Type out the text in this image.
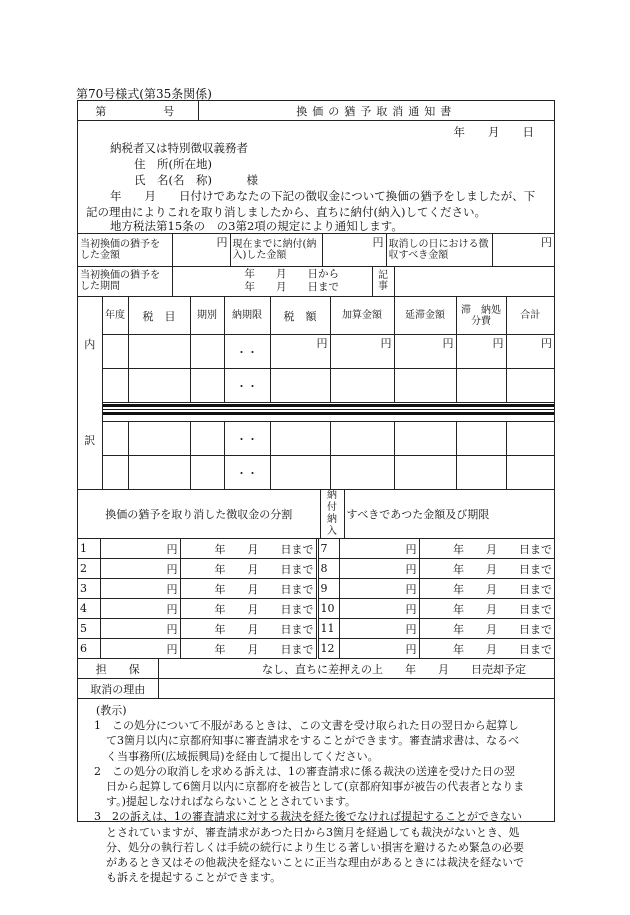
第70号様式(第35条関係)
第　　　号	換価の猶予取消通知書
年　　月　　日
納税者又は特別徴収義務者
住　所(所在地)
氏　名(名　称)　　　様
年　　月　　日付けであなたの下記の徴収金について換価の猶予をしましたが、下
記の理由によりこれを取り消しましたから、直ちに納付(納入)してください。
地方税法第15条の　の3第2項の規定により通知します。
当初換価の猶予をした金額	円	現在までに納付(納入)した金額	円	取消しの日における徴収すべき金額	円
当初換価の猶予をした期間	
年　　月　　日から
年　　月　　日まで
	記事	
内
訳	年度	税　目	期別	納期限	税　額	加算金額	延滞金額	滞　納処分費	合計
				・・	円	円	円	円	円
				・・					

				・・					
				・・					
換価の猶予を取り消した徴収金の分割	納付納入	すべきであつた金額及び期限
1	円	年　　月　　日まで	7	円	年　　月　　日まで
2	円	年　　月　　日まで	8	円	年　　月　　日まで
3	円	年　　月　　日まで	9	円	年　　月　　日まで
4	円	年　　月　　日まで	10	円	年　　月　　日まで
5	円	年　　月　　日まで	11	円	年　　月　　日まで
6	円	年　　月　　日まで	12	円	年　　月　　日まで
担　　保	なし、直ちに差押えの上　　年　　月　　日売却予定
取消の理由	
(教示)
1　この処分について不服があるときは、この文書を受け取られた日の翌日から起算し
て3箇月以内に京都府知事に審査請求をすることができます。審査請求書は、なるべ
く当事務所(広域振興局)を経由して提出してください。
2　この処分の取消しを求める訴えは、1の審査請求に係る裁決の送達を受けた日の翌
日から起算して6箇月以内に京都府を被告として(京都府知事が被告の代表者となりま
す。)提起しなければならないこととされています。
3　2の訴えは、1の審査請求に対する裁決を経た後でなければ提起することができない
とされていますが、審査請求があつた日から3箇月を経過しても裁決がないとき、処
分、処分の執行若しくは手続の続行により生じる著しい損害を避けるため緊急の必要
があるとき又はその他裁決を経ないことに正当な理由があるときには裁決を経ないで
も訴えを提起することができます。
